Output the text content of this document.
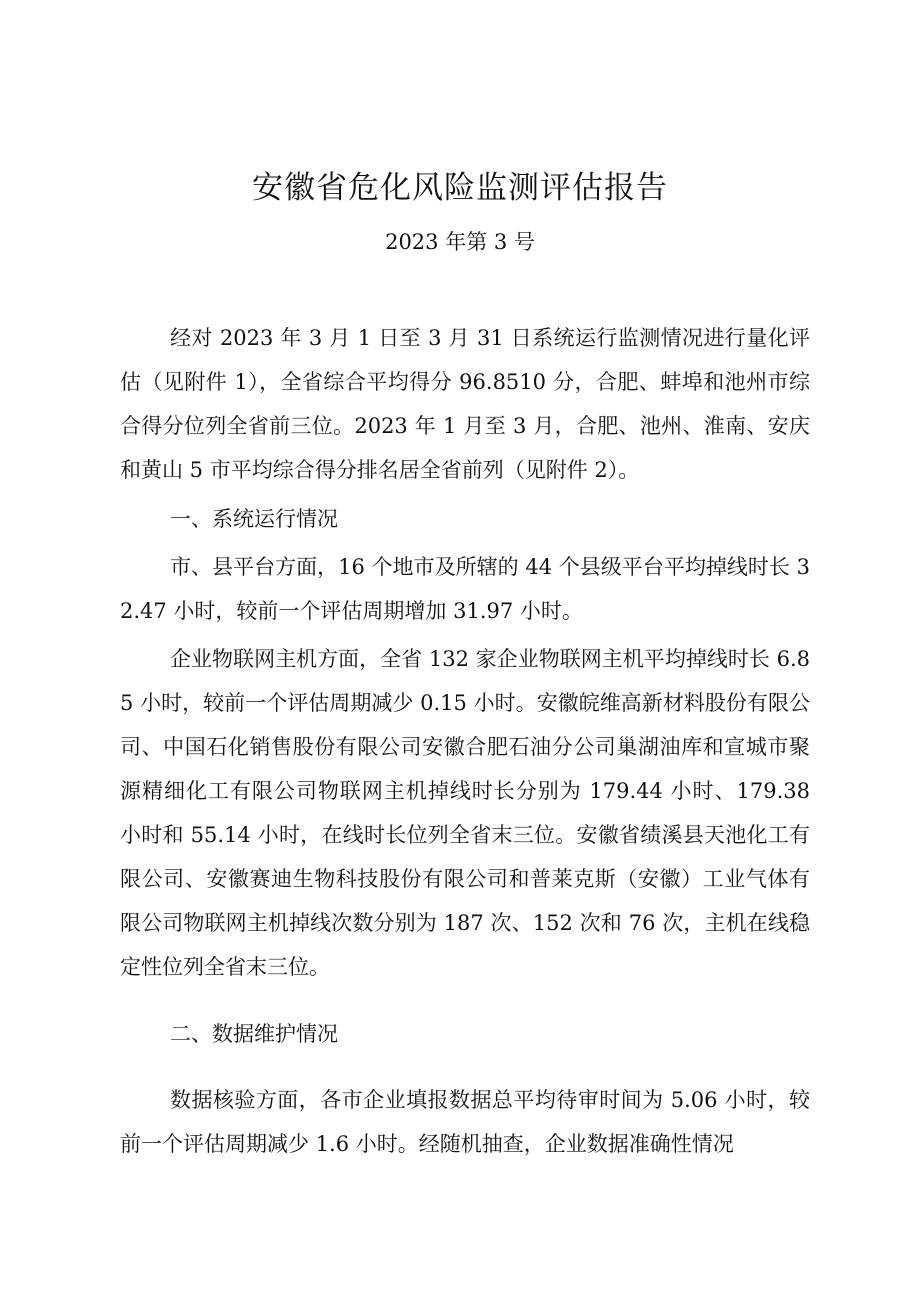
安徽省危化风险监测评估报告
2023 年第 3 号

经对 2023 年 3 月 1 日至 3 月 31 日系统运行监测情况进行量化评估（见附件 1），全省综合平均得分 96.8510 分，合肥、蚌埠和池州市综合得分位列全省前三位。2023 年 1 月至 3 月，合肥、池州、淮南、安庆和黄山 5 市平均综合得分排名居全省前列（见附件 2）。

一、系统运行情况

市、县平台方面，16 个地市及所辖的 44 个县级平台平均掉线时长 32.47 小时，较前一个评估周期增加 31.97 小时。

企业物联网主机方面，全省 132 家企业物联网主机平均掉线时长 6.85 小时，较前一个评估周期减少 0.15 小时。安徽皖维高新材料股份有限公司、中国石化销售股份有限公司安徽合肥石油分公司巢湖油库和宣城市聚源精细化工有限公司物联网主机掉线时长分别为 179.44 小时、179.38 小时和 55.14 小时，在线时长位列全省末三位。安徽省绩溪县天池化工有限公司、安徽赛迪生物科技股份有限公司和普莱克斯（安徽）工业气体有限公司物联网主机掉线次数分别为 187 次、152 次和 76 次，主机在线稳定性位列全省末三位。

二、数据维护情况

数据核验方面，各市企业填报数据总平均待审时间为 5.06 小时，较前一个评估周期减少 1.6 小时。经随机抽查，企业数据准确性情况
